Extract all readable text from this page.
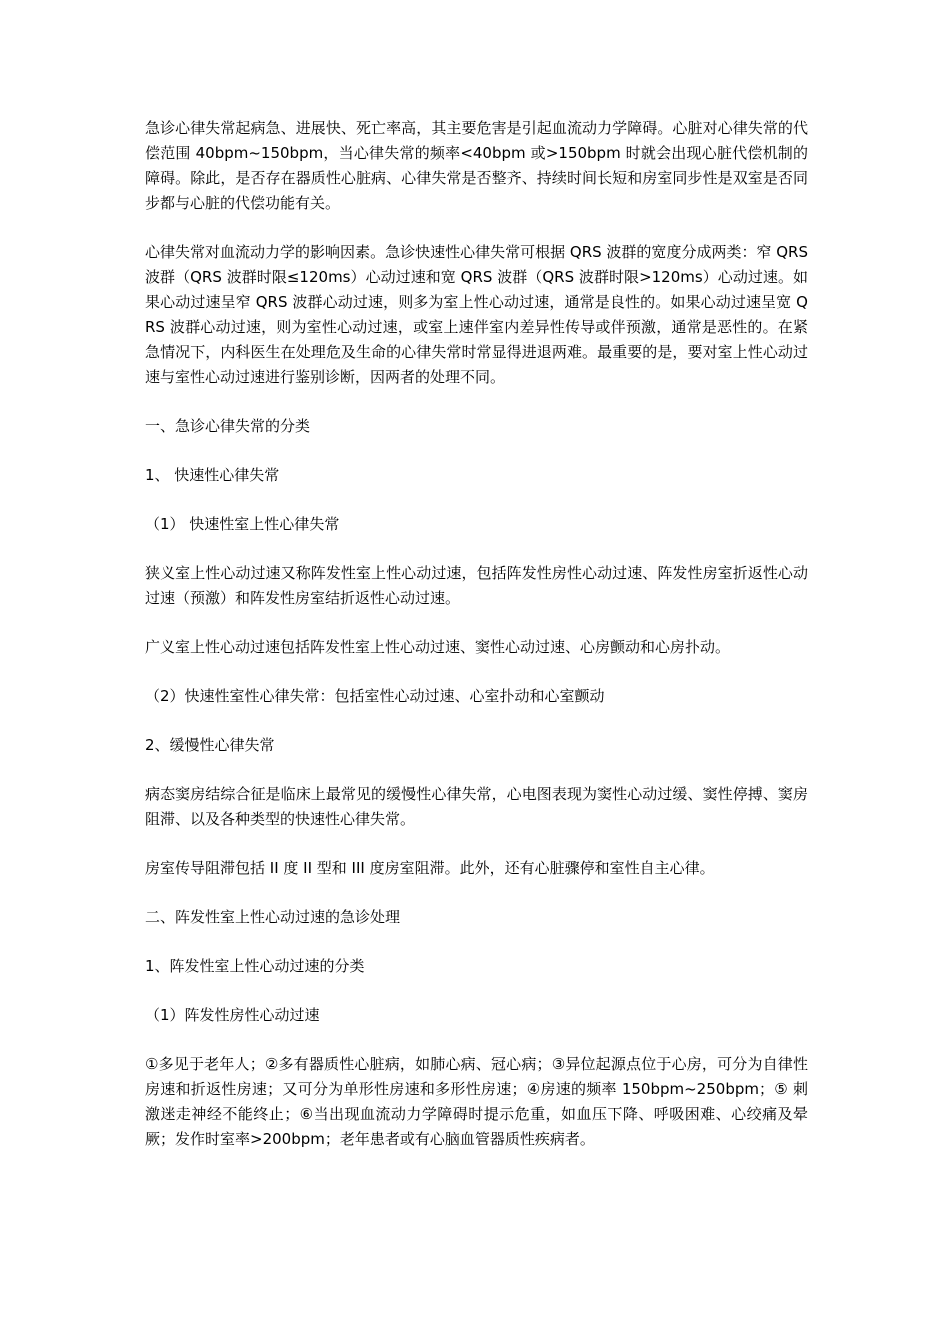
急诊心律失常起病急、进展快、死亡率高，其主要危害是引起血流动力学障碍。心脏对心律失常的代偿范围 40bpm~150bpm，当心律失常的频率<40bpm 或>150bpm 时就会出现心脏代偿机制的障碍。除此，是否存在器质性心脏病、心律失常是否整齐、持续时间长短和房室同步性是双室是否同步都与心脏的代偿功能有关。

心律失常对血流动力学的影响因素。急诊快速性心律失常可根据 QRS 波群的宽度分成两类：窄 QRS 波群（QRS 波群时限≤120ms）心动过速和宽 QRS 波群（QRS 波群时限>120ms）心动过速。如果心动过速呈窄 QRS 波群心动过速，则多为室上性心动过速，通常是良性的。如果心动过速呈宽 QRS 波群心动过速，则为室性心动过速，或室上速伴室内差异性传导或伴预激，通常是恶性的。在紧急情况下，内科医生在处理危及生命的心律失常时常显得进退两难。最重要的是，要对室上性心动过速与室性心动过速进行鉴别诊断，因两者的处理不同。

一、急诊心律失常的分类

1、 快速性心律失常

（1） 快速性室上性心律失常

狭义室上性心动过速又称阵发性室上性心动过速，包括阵发性房性心动过速、阵发性房室折返性心动过速（预激）和阵发性房室结折返性心动过速。

广义室上性心动过速包括阵发性室上性心动过速、窦性心动过速、心房颤动和心房扑动。

（2）快速性室性心律失常：包括室性心动过速、心室扑动和心室颤动

2、缓慢性心律失常

病态窦房结综合征是临床上最常见的缓慢性心律失常，心电图表现为窦性心动过缓、窦性停搏、窦房阻滞、以及各种类型的快速性心律失常。

房室传导阻滞包括 II 度 II 型和 III 度房室阻滞。此外，还有心脏骤停和室性自主心律。

二、阵发性室上性心动过速的急诊处理

1、阵发性室上性心动过速的分类

（1）阵发性房性心动过速

①多见于老年人；②多有器质性心脏病，如肺心病、冠心病；③异位起源点位于心房，可分为自律性房速和折返性房速；又可分为单形性房速和多形性房速；④房速的频率 150bpm~250bpm；⑤ 刺激迷走神经不能终止；⑥当出现血流动力学障碍时提示危重，如血压下降、呼吸困难、心绞痛及晕厥；发作时室率>200bpm；老年患者或有心脑血管器质性疾病者。
